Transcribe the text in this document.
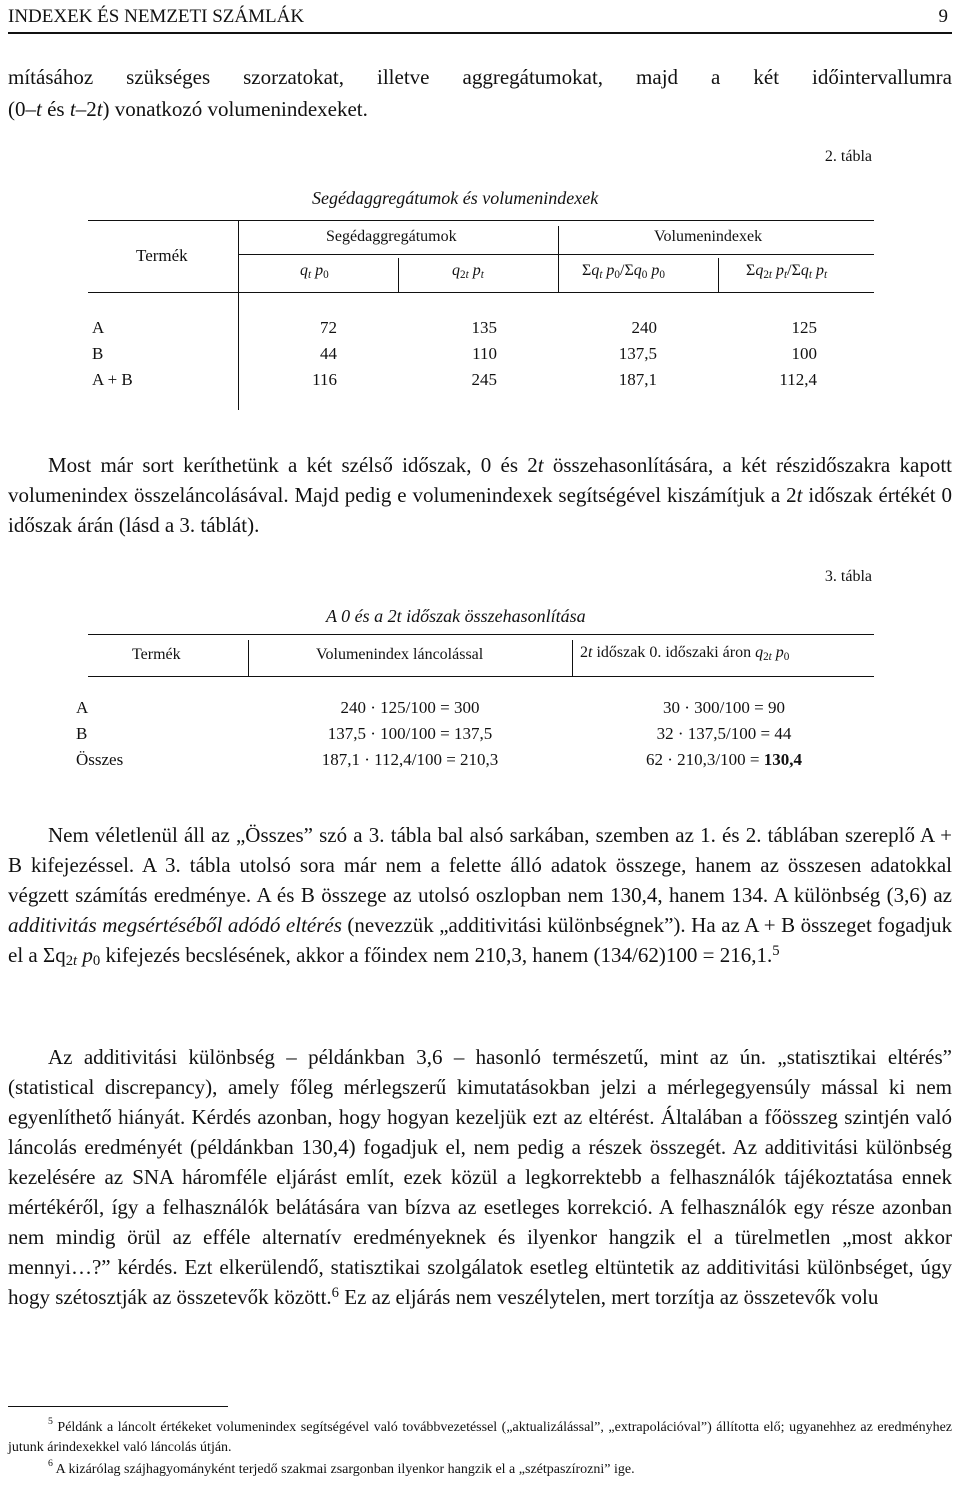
INDEXEK ÉS NEMZETI SZÁMLÁK	9
mításához szükséges szorzatokat, illetve aggregátumokat, majd a két időintervallumra
(0–t és t–2t) vonatkozó volumenindexeket.
2. tábla
Segédaggregátumok és volumenindexek
Termék
Segédaggregátumok	Volumenindexek
$q_t$ $p_0$	$q_{2t}$ $p_t$	$\Sigma q_t$ $p_0/\Sigma q_0$ $p_0$	$\Sigma q_{2t}$ $p_t/\Sigma q_t$ $p_t$
A	72	135	240	125
B	44	110	137,5	100
A + B	116	245	187,1	112,4
Most már sort keríthetünk a két szélső időszak, 0 és 2t összehasonlítására, a két részidőszakra kapott volumenindex összeláncolásával. Majd pedig e volumenindexek segítségével kiszámítjuk a 2t időszak értékét 0 időszak árán (lásd a 3. táblát).
3. tábla
A 0 és a 2t időszak összehasonlítása
Termék	Volumenindex láncolással	2t időszak 0. időszaki áron $q_{2t}$ $p_0$
A	240 · 125/100 = 300	30 · 300/100 = 90
B	137,5 · 100/100 = 137,5	32 · 137,5/100 = 44
Összes	187,1 · 112,4/100 = 210,3	62 · 210,3/100 = 130,4
Nem véletlenül áll az „Összes” szó a 3. tábla bal alsó sarkában, szemben az 1. és 2. táblában szereplő A + B kifejezéssel. A 3. tábla utolsó sora már nem a felette álló adatok összege, hanem az összesen adatokkal végzett számítás eredménye. A és B összege az utolsó oszlopban nem 130,4, hanem 134. A különbség (3,6) az additivitás megsértéséből adódó eltérés (nevezzük „additivitási különbségnek”). Ha az A + B összeget fogadjuk el a $\Sigma q_{2t}$ $p_0$ kifejezés becslésének, akkor a főindex nem 210,3, hanem (134/62)100 = 216,1.$^5$
Az additivitási különbség – példánkban 3,6 – hasonló természetű, mint az ún. „statisztikai eltérés” (statistical discrepancy), amely főleg mérlegszerű kimutatásokban jelzi a mérlegegyensúly mással ki nem egyenlíthető hiányát. Kérdés azonban, hogy hogyan kezeljük ezt az eltérést. Általában a főösszeg szintjén való láncolás eredményét (példánkban 130,4) fogadjuk el, nem pedig a részek összegét. Az additivitási különbség kezelésére az SNA háromféle eljárást említ, ezek közül a legkorrektebb a felhasználók tájékoztatása ennek mértékéről, így a felhasználók belátására van bízva az esetleges korrekció. A felhasználók egy része azonban nem mindig örül az efféle alternatív eredményeknek és ilyenkor hangzik el a türelmetlen „most akkor mennyi…?” kérdés. Ezt elkerülendő, statisztikai szolgálatok esetleg eltüntetik az additivitási különbséget, úgy hogy szétosztják az összetevők között.$^6$ Ez az eljárás nem veszélytelen, mert torzítja az összetevők volu
$^5$ Példánk a láncolt értékeket volumenindex segítségével való továbbvezetéssel („aktualizálással”, „extrapolációval”) állította elő; ugyanehhez az eredményhez jutunk árindexekkel való láncolás útján.
$^6$ A kizárólag szájhagyományként terjedő szakmai zsargonban ilyenkor hangzik el a „szétpaszírozni” ige.
